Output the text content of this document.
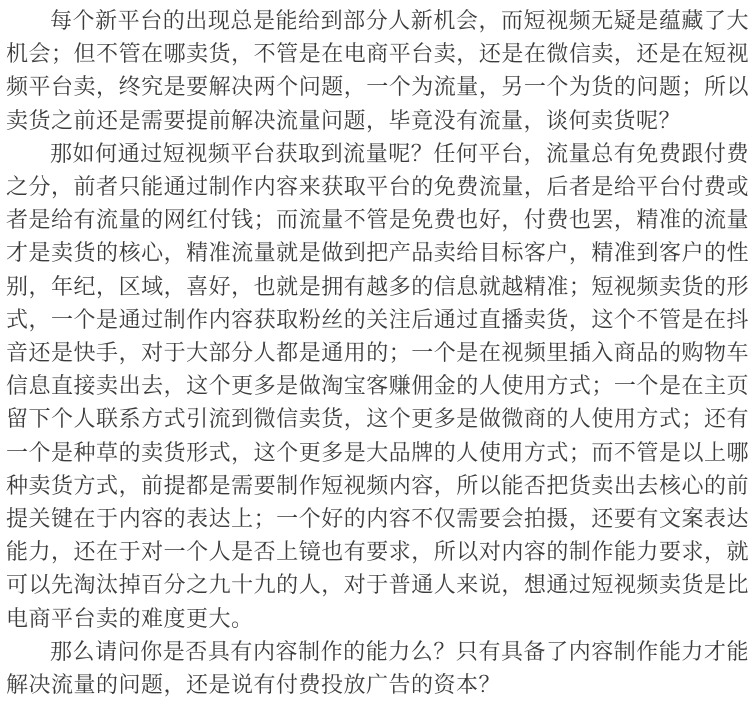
每个新平台的出现总是能给到部分人新机会，而短视频无疑是蕴藏了大机会；但不管在哪卖货，不管是在电商平台卖，还是在微信卖，还是在短视频平台卖，终究是要解决两个问题，一个为流量，另一个为货的问题；所以卖货之前还是需要提前解决流量问题，毕竟没有流量，谈何卖货呢？

那如何通过短视频平台获取到流量呢？任何平台，流量总有免费跟付费之分，前者只能通过制作内容来获取平台的免费流量，后者是给平台付费或者是给有流量的网红付钱；而流量不管是免费也好，付费也罢，精准的流量才是卖货的核心，精准流量就是做到把产品卖给目标客户，精准到客户的性别，年纪，区域，喜好，也就是拥有越多的信息就越精准；短视频卖货的形式，一个是通过制作内容获取粉丝的关注后通过直播卖货，这个不管是在抖音还是快手，对于大部分人都是通用的；一个是在视频里插入商品的购物车信息直接卖出去，这个更多是做淘宝客赚佣金的人使用方式；一个是在主页留下个人联系方式引流到微信卖货，这个更多是做微商的人使用方式；还有一个是种草的卖货形式，这个更多是大品牌的人使用方式；而不管是以上哪种卖货方式，前提都是需要制作短视频内容，所以能否把货卖出去核心的前提关键在于内容的表达上；一个好的内容不仅需要会拍摄，还要有文案表达能力，还在于对一个人是否上镜也有要求，所以对内容的制作能力要求，就可以先淘汰掉百分之九十九的人，对于普通人来说，想通过短视频卖货是比电商平台卖的难度更大。

那么请问你是否具有内容制作的能力么？只有具备了内容制作能力才能解决流量的问题，还是说有付费投放广告的资本？
